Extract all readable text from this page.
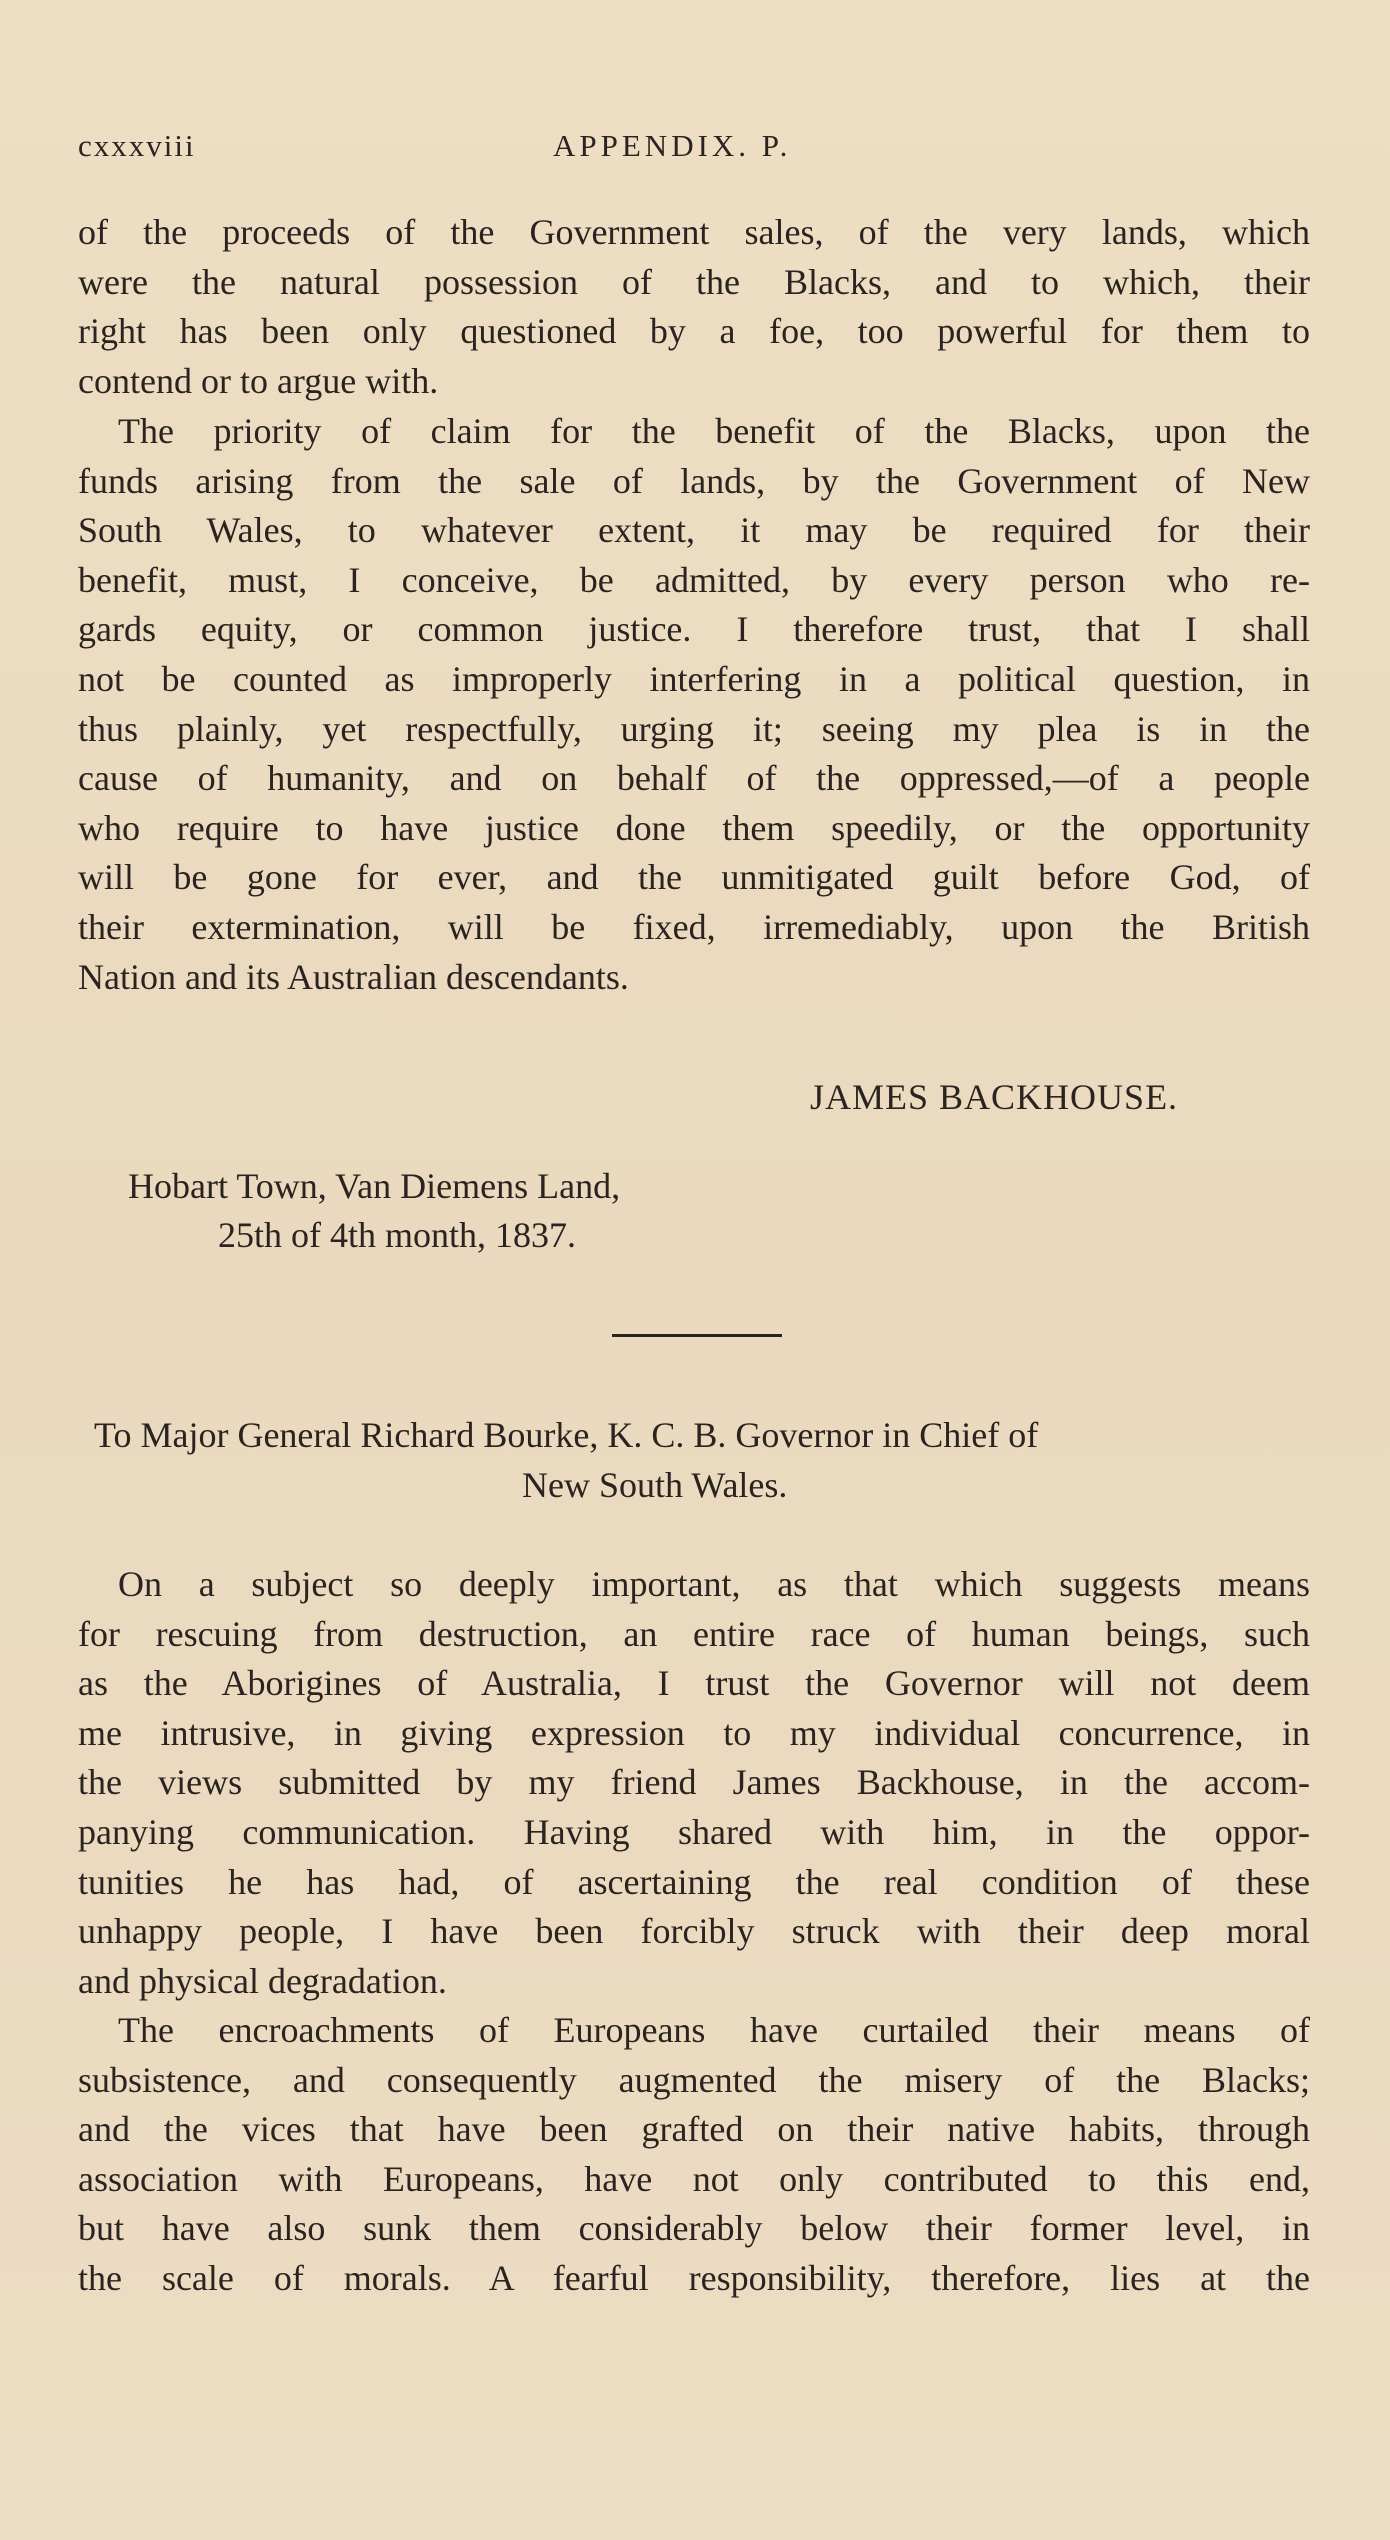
cxxxviii	APPENDIX. P.
of the proceeds of the Government sales, of the very lands, which
were the natural possession of the Blacks, and to which, their
right has been only questioned by a foe, too powerful for them to
contend or to argue with.
The priority of claim for the benefit of the Blacks, upon the
funds arising from the sale of lands, by the Government of New
South Wales, to whatever extent, it may be required for their
benefit, must, I conceive, be admitted, by every person who re-
gards equity, or common justice. I therefore trust, that I shall
not be counted as improperly interfering in a political question, in
thus plainly, yet respectfully, urging it; seeing my plea is in the
cause of humanity, and on behalf of the oppressed,—of a people
who require to have justice done them speedily, or the opportunity
will be gone for ever, and the unmitigated guilt before God, of
their extermination, will be fixed, irremediably, upon the British
Nation and its Australian descendants.
JAMES BACKHOUSE.
Hobart Town, Van Diemens Land,
25th of 4th month, 1837.
To Major General Richard Bourke, K. C. B. Governor in Chief of
New South Wales.
On a subject so deeply important, as that which suggests means
for rescuing from destruction, an entire race of human beings, such
as the Aborigines of Australia, I trust the Governor will not deem
me intrusive, in giving expression to my individual concurrence, in
the views submitted by my friend James Backhouse, in the accom-
panying communication. Having shared with him, in the oppor-
tunities he has had, of ascertaining the real condition of these
unhappy people, I have been forcibly struck with their deep moral
and physical degradation.
The encroachments of Europeans have curtailed their means of
subsistence, and consequently augmented the misery of the Blacks;
and the vices that have been grafted on their native habits, through
association with Europeans, have not only contributed to this end,
but have also sunk them considerably below their former level, in
the scale of morals. A fearful responsibility, therefore, lies at the
